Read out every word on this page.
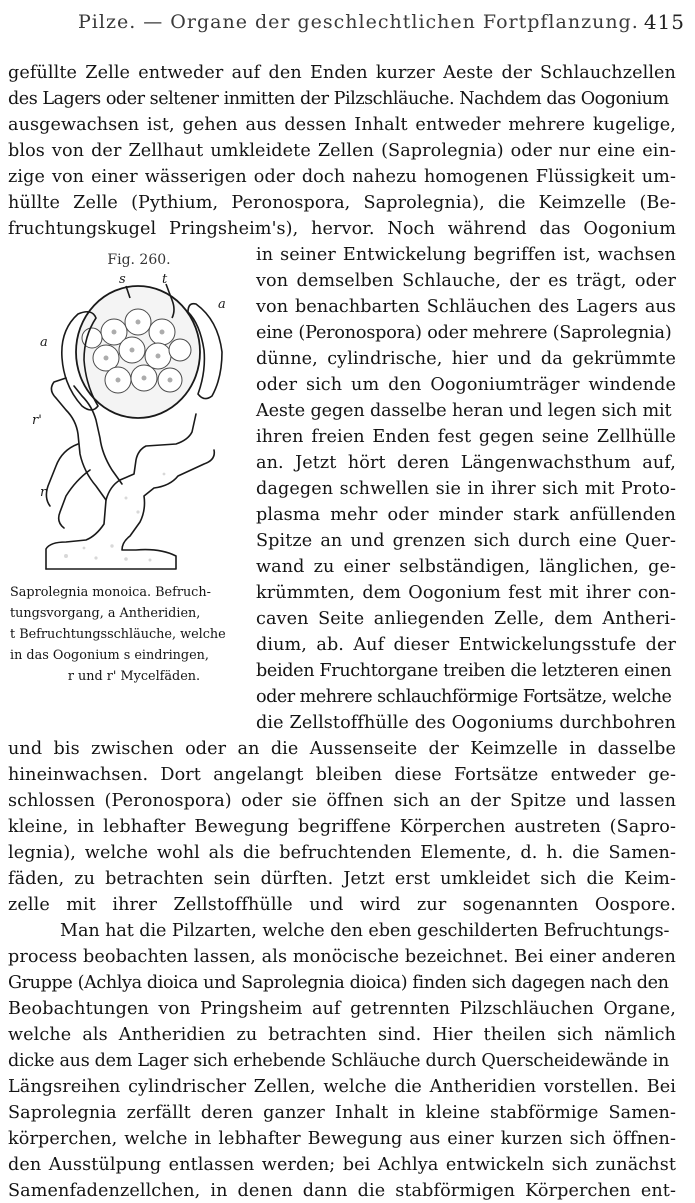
Pilze. — Organe der geschlechtlichen Fortpflanzung. 415
gefüllte Zelle entweder auf den Enden kurzer Aeste der Schlauchzellen
des Lagers oder seltener inmitten der Pilzschläuche. Nachdem das Oogonium
ausgewachsen ist, gehen aus dessen Inhalt entweder mehrere kugelige,
blos von der Zellhaut umkleidete Zellen (Saprolegnia) oder nur eine ein-
zige von einer wässerigen oder doch nahezu homogenen Flüssigkeit um-
hüllte Zelle (Pythium, Peronospora, Saprolegnia), die Keimzelle (Be-
fruchtungskugel Pringsheim's), hervor. Noch während das Oogonium
in seiner Entwickelung begriffen ist, wachsen
von demselben Schlauche, der es trägt, oder
von benachbarten Schläuchen des Lagers aus
eine (Peronospora) oder mehrere (Saprolegnia)
dünne, cylindrische, hier und da gekrümmte
oder sich um den Oogoniumträger windende
Aeste gegen dasselbe heran und legen sich mit
ihren freien Enden fest gegen seine Zellhülle
an. Jetzt hört deren Längenwachsthum auf,
dagegen schwellen sie in ihrer sich mit Proto-
plasma mehr oder minder stark anfüllenden
Spitze an und grenzen sich durch eine Quer-
wand zu einer selbständigen, länglichen, ge-
krümmten, dem Oogonium fest mit ihrer con-
caven Seite anliegenden Zelle, dem Antheri-
dium, ab. Auf dieser Entwickelungsstufe der
beiden Fruchtorgane treiben die letzteren einen
oder mehrere schlauchförmige Fortsätze, welche
die Zellstoffhülle des Oogoniums durchbohren
und bis zwischen oder an die Aussenseite der Keimzelle in dasselbe
hineinwachsen. Dort angelangt bleiben diese Fortsätze entweder ge-
schlossen (Peronospora) oder sie öffnen sich an der Spitze und lassen
kleine, in lebhafter Bewegung begriffene Körperchen austreten (Sapro-
legnia), welche wohl als die befruchtenden Elemente, d. h. die Samen-
fäden, zu betrachten sein dürften. Jetzt erst umkleidet sich die Keim-
zelle mit ihrer Zellstoffhülle und wird zur sogenannten Oospore.
Man hat die Pilzarten, welche den eben geschilderten Befruchtungs-
process beobachten lassen, als monöcische bezeichnet. Bei einer anderen
Gruppe (Achlya dioica und Saprolegnia dioica) finden sich dagegen nach den
Beobachtungen von Pringsheim auf getrennten Pilzschläuchen Organe,
welche als Antheridien zu betrachten sind. Hier theilen sich nämlich
dicke aus dem Lager sich erhebende Schläuche durch Querscheidewände in
Längsreihen cylindrischer Zellen, welche die Antheridien vorstellen. Bei
Saprolegnia zerfällt deren ganzer Inhalt in kleine stabförmige Samen-
körperchen, welche in lebhafter Bewegung aus einer kurzen sich öffnen-
den Ausstülpung entlassen werden; bei Achlya entwickeln sich zunächst
Samenfadenzellchen, in denen dann die stabförmigen Körperchen ent-
Fig. 260.
s	t
a
a
r'
r
Saprolegnia monoica. Befruch-
tungsvorgang, a Antheridien,
t Befruchtungsschläuche, welche
in das Oogonium s eindringen,
r und r' Mycelfäden.
